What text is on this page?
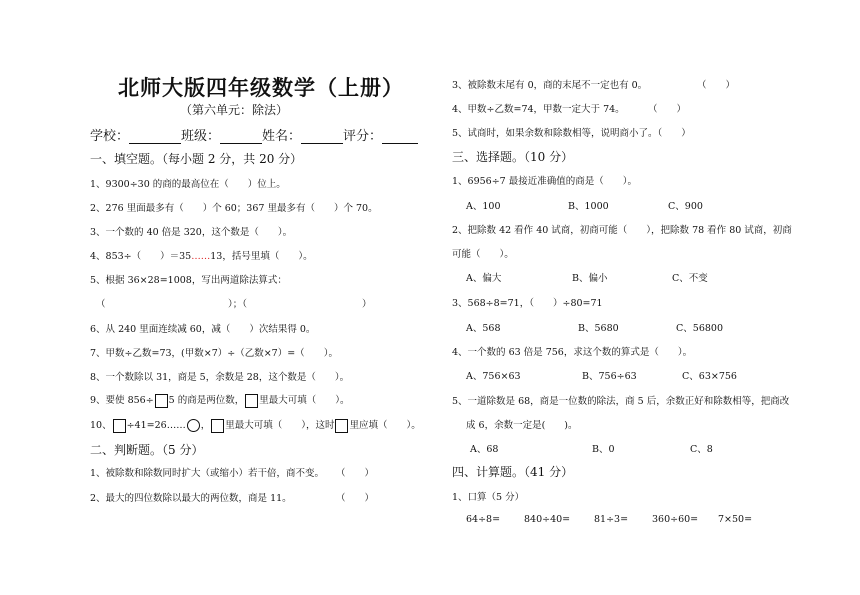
北师大版四年级数学（上册）
（第六单元：除法）
学校：	班级：	姓名：	评分：
一、填空题。（每小题 2 分，共 20 分）
1、9300÷30 的商的最高位在（　　）位上。
2、276 里面最多有（　　）个 60；367 里最多有（　　）个 70。
3、一个数的 40 倍是 320，这个数是（　　）。
4、853÷（　　）＝35……13，括号里填（　　）。
5、根据 36×28=1008，写出两道除法算式：
（	）；（	）
6、从 240 里面连续减 60，减（　　）次结果得 0。
7、甲数÷乙数=73，(甲数×7）÷（乙数×7）=（　　）。
8、一个数除以 31，商是 5，余数是 28，这个数是（　　）。
9、要使 856÷ 5 的商是两位数， 里最大可填（　　）。
10、 ÷41=26…… ， 里最大可填（　　），这时 里应填（　　）。
二、判断题。（5 分）
1、被除数和除数同时扩大（或缩小）若干倍，商不变。 （　　）
2、最大的四位数除以最大的两位数，商是 11。	（　　）
3、被除数末尾有 0，商的末尾不一定也有 0。	（　　）
4、甲数÷乙数=74，甲数一定大于 74。 （　　）
5、试商时，如果余数和除数相等，说明商小了。（　　）
三、选择题。（10 分）
1、6956÷7 最接近准确值的商是（　　）。
A、100	B、1000	C、900
2、把除数 42 看作 40 试商，初商可能（　　），把除数 78 看作 80 试商，初商
可能（　　）。
A、偏大	B、偏小	C、不变
3、568÷8=71，（　　）÷80=71
A、568	B、5680	C、56800
4、一个数的 63 倍是 756，求这个数的算式是（　　）。
A、756×63	B、756÷63	C、63×756
5、一道除数是 68，商是一位数的除法，商 5 后，余数正好和除数相等，把商改
成 6，余数一定是(　　)。
A、68	B、0	C、8
四、计算题。（41 分）
1、口算（5 分）
64÷8=	840÷40=	81÷3=	360÷60= 7×50=
